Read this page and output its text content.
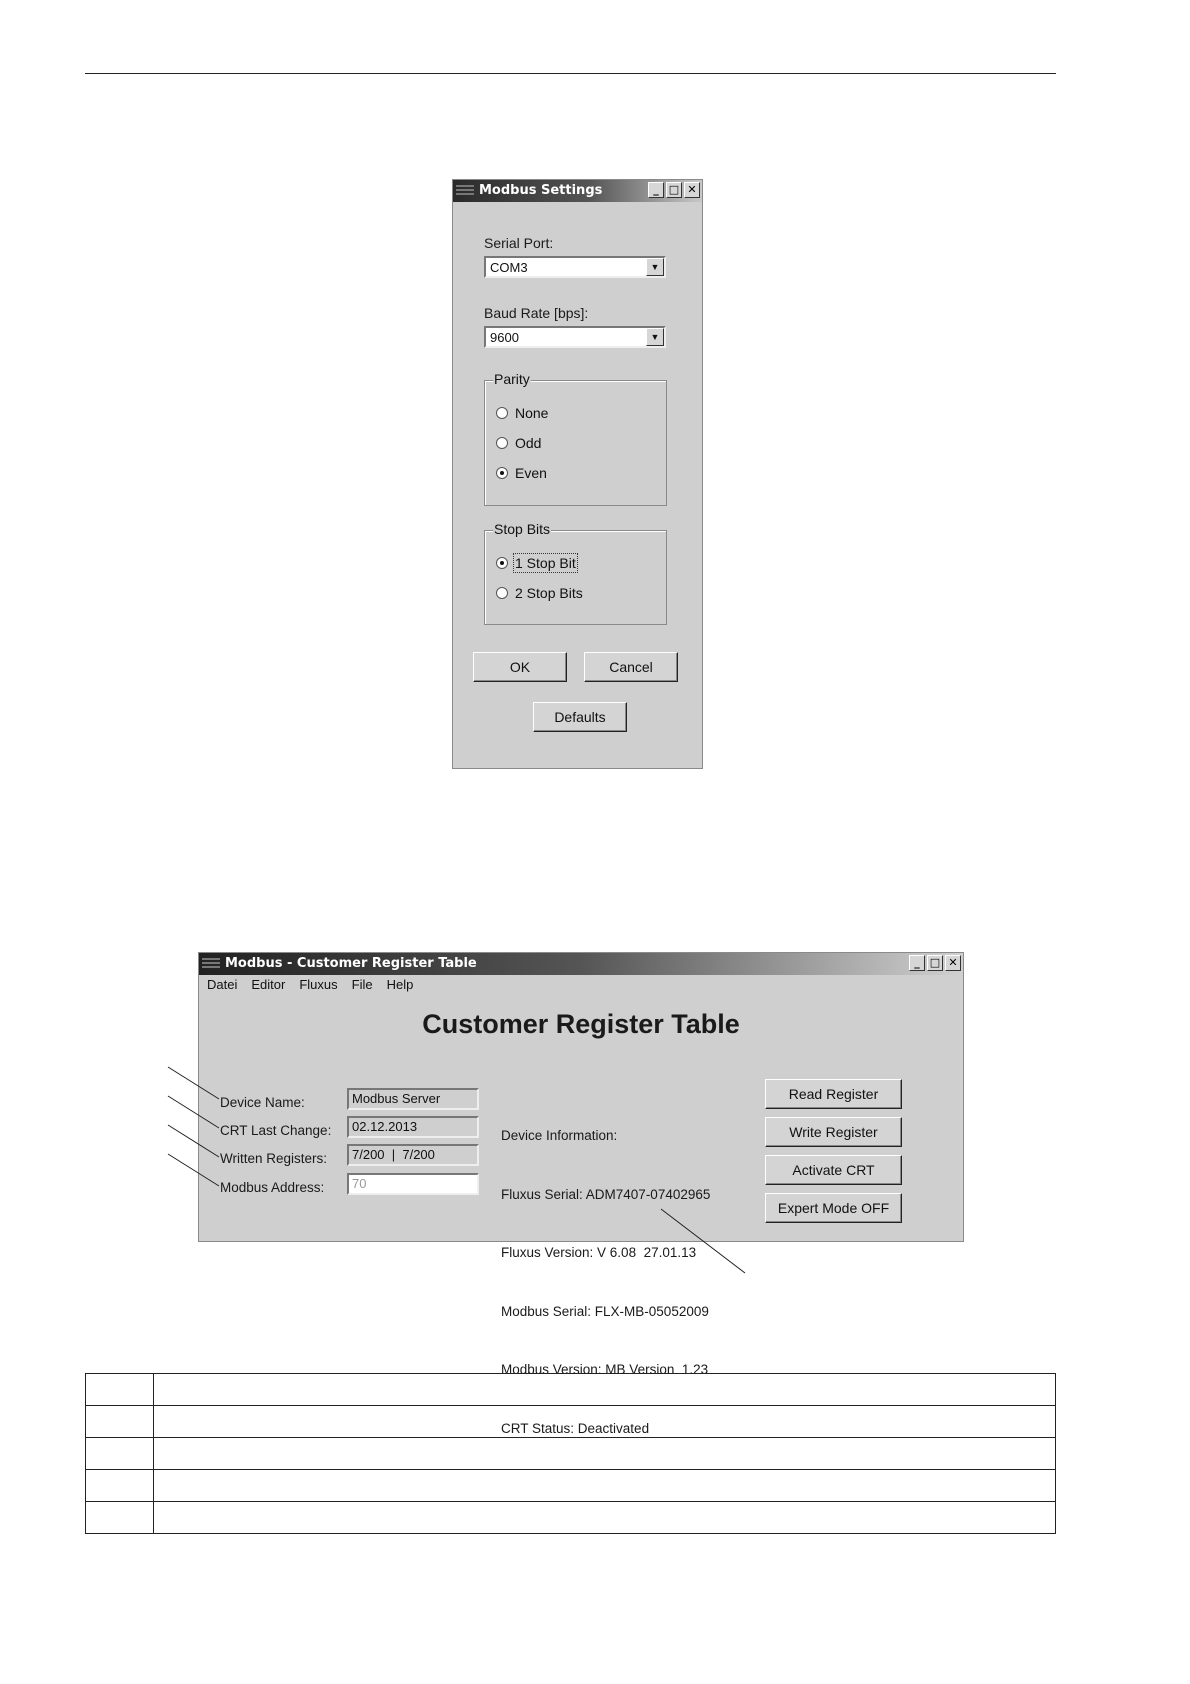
Modbus Settings	_ □ ✕
Serial Port:
COM3	▼
Baud Rate [bps]:
9600	▼
Parity
None
Odd
Even
Stop Bits
1 Stop Bit
2 Stop Bits
OK	Cancel
Defaults
Modbus - Customer Register Table	_ □ ✕
Datei Editor Fluxus File Help
Customer Register Table
Device Name:	Modbus Server
CRT Last Change:	02.12.2013
Written Registers:	7/200  |  7/200
Modbus Address:	70

Device Information:

Fluxus Serial: ADM7407-07402965

Fluxus Version: V 6.08  27.01.13

Modbus Serial: FLX-MB-05052009

Modbus Version: MB Version  1.23

CRT Status: Deactivated

Read Register
Write Register
Activate CRT
Expert Mode OFF
